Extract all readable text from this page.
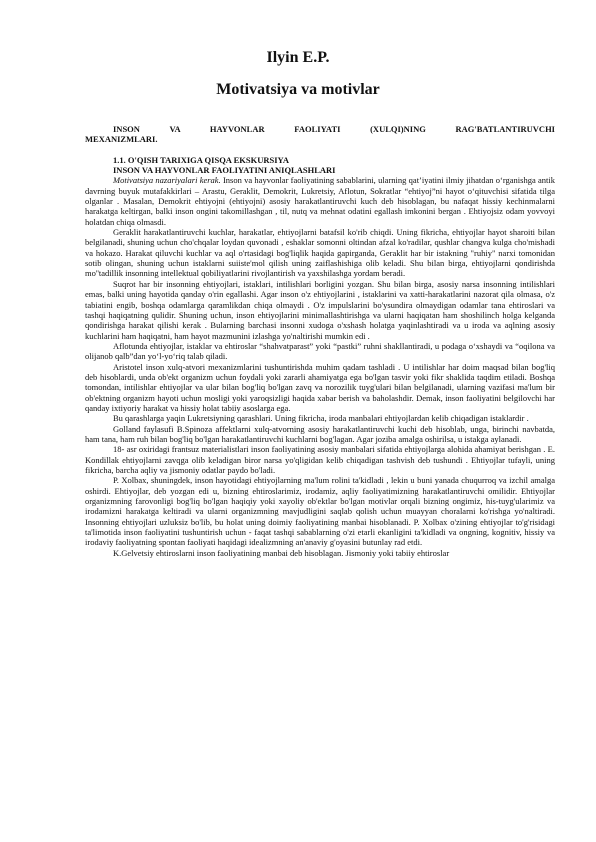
Ilyin E.P.
Motivatsiya va motivlar
INSON VA HAYVONLAR FAOLIYATI (XULQI)NING RAG'BATLANTIRUVCHI
MEXANIZMLARI.
1.1. O'QISH TARIXIGA QISQA EKSKURSIYA
INSON VA HAYVONLAR FAOLIYATINI ANIQLASHLARI

Motivatsiya nazariyalari kerak. Inson va hayvonlar faoliyatining sabablarini, ularning qat’iyatini ilmiy jihatdan o‘rganishga antik davrning buyuk mutafakkirlari – Arastu, Geraklit, Demokrit, Lukretsiy, Aflotun, Sokratlar “ehtiyoj”ni hayot o‘qituvchisi sifatida tilga olganlar . Masalan, Demokrit ehtiyojni (ehtiyojni) asosiy harakatlantiruvchi kuch deb hisoblagan, bu nafaqat hissiy kechinmalarni harakatga keltirgan, balki inson ongini takomillashgan , til, nutq va mehnat odatini egallash imkonini bergan . Ehtiyojsiz odam yovvoyi holatdan chiqa olmasdi.

Geraklit harakatlantiruvchi kuchlar, harakatlar, ehtiyojlarni batafsil ko'rib chiqdi. Uning fikricha, ehtiyojlar hayot sharoiti bilan belgilanadi, shuning uchun cho'chqalar loydan quvonadi , eshaklar somonni oltindan afzal ko'radilar, qushlar changva kulga cho'mishadi va hokazo. Harakat qiluvchi kuchlar va aql o'rtasidagi bog'liqlik haqida gapirganda, Geraklit har bir istakning "ruhiy" narxi tomonidan sotib olingan, shuning uchun istaklarni suiiste'mol qilish uning zaiflashishiga olib keladi. Shu bilan birga, ehtiyojlarni qondirishda mo''tadillik insonning intellektual qobiliyatlarini rivojlantirish va yaxshilashga yordam beradi.

Suqrot har bir insonning ehtiyojlari, istaklari, intilishlari borligini yozgan. Shu bilan birga, asosiy narsa insonning intilishlari emas, balki uning hayotida qanday o'rin egallashi. Agar inson o'z ehtiyojlarini , istaklarini va xatti-harakatlarini nazorat qila olmasa, o'z tabiatini engib, boshqa odamlarga qaramlikdan chiqa olmaydi . O'z impulslarini bo'ysundira olmaydigan odamlar tana ehtiroslari va tashqi haqiqatning qulidir. Shuning uchun, inson ehtiyojlarini minimallashtirishga va ularni haqiqatan ham shoshilinch holga kelganda qondirishga harakat qilishi kerak . Bularning barchasi insonni xudoga o'xshash holatga yaqinlashtiradi va u iroda va aqlning asosiy kuchlarini ham haqiqatni, ham hayot mazmunini izlashga yo'naltirishi mumkin edi .

Aflotunda ehtiyojlar, istaklar va ehtiroslar “shahvatparast” yoki “pastki” ruhni shakllantiradi, u podaga o‘xshaydi va “oqilona va olijanob qalb”dan yo‘l-yo‘riq talab qiladi.

Aristotel inson xulq-atvori mexanizmlarini tushuntirishda muhim qadam tashladi . U intilishlar har doim maqsad bilan bog'liq deb hisoblardi, unda ob'ekt organizm uchun foydali yoki zararli ahamiyatga ega bo'lgan tasvir yoki fikr shaklida taqdim etiladi. Boshqa tomondan, intilishlar ehtiyojlar va ular bilan bog'liq bo'lgan zavq va norozilik tuyg'ulari bilan belgilanadi, ularning vazifasi ma'lum bir ob'ektning organizm hayoti uchun mosligi yoki yaroqsizligi haqida xabar berish va baholashdir. Demak, inson faoliyatini belgilovchi har qanday ixtiyoriy harakat va hissiy holat tabiiy asoslarga ega.

Bu qarashlarga yaqin Lukretsiyning qarashlari. Uning fikricha, iroda manbalari ehtiyojlardan kelib chiqadigan istaklardir .

Golland faylasufi B.Spinoza affektlarni xulq-atvorning asosiy harakatlantiruvchi kuchi deb hisoblab, unga, birinchi navbatda, ham tana, ham ruh bilan bog'liq bo'lgan harakatlantiruvchi kuchlarni bog'lagan. Agar joziba amalga oshirilsa, u istakga aylanadi.

18- asr oxiridagi frantsuz materialistlari inson faoliyatining asosiy manbalari sifatida ehtiyojlarga alohida ahamiyat berishgan . E. Kondillak ehtiyojlarni zavqga olib keladigan biror narsa yo'qligidan kelib chiqadigan tashvish deb tushundi . Ehtiyojlar tufayli, uning fikricha, barcha aqliy va jismoniy odatlar paydo bo'ladi.

P. Xolbax, shuningdek, inson hayotidagi ehtiyojlarning ma'lum rolini ta'kidladi , lekin u buni yanada chuqurroq va izchil amalga oshirdi. Ehtiyojlar, deb yozgan edi u, bizning ehtiroslarimiz, irodamiz, aqliy faoliyatimizning harakatlantiruvchi omilidir. Ehtiyojlar organizmning farovonligi bog'liq bo'lgan haqiqiy yoki xayoliy ob'ektlar bo'lgan motivlar orqali bizning ongimiz, his-tuyg'ularimiz va irodamizni harakatga keltiradi va ularni organizmning mavjudligini saqlab qolish uchun muayyan choralarni ko'rishga yo'naltiradi. Insonning ehtiyojlari uzluksiz bo'lib, bu holat uning doimiy faoliyatining manbai hisoblanadi. P. Xolbax o'zining ehtiyojlar to'g'risidagi ta'limotida inson faoliyatini tushuntirish uchun - faqat tashqi sabablarning o'zi etarli ekanligini ta'kidladi va ongning, kognitiv, hissiy va irodaviy faoliyatning spontan faoliyati haqidagi idealizmning an'anaviy g'oyasini butunlay rad etdi.

K.Gelvetsiy ehtiroslarni inson faoliyatining manbai deb hisoblagan. Jismoniy yoki tabiiy ehtiroslar
